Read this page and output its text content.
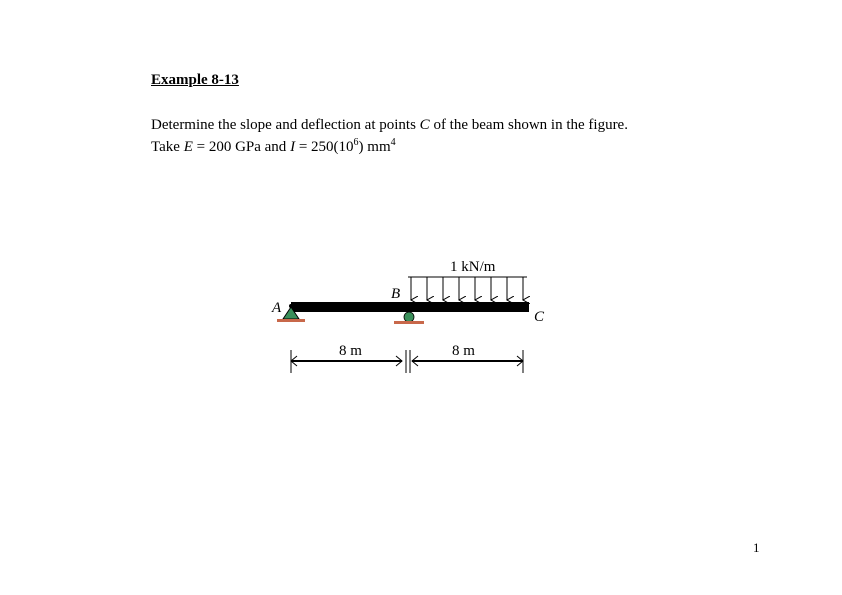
Example 8-13
Determine the slope and deflection at points C of the beam shown in the figure.
Take E = 200 GPa and $I = 250(10^6)$ $mm^4$
1 kN/m
A
B
C
8 m	8 m
1
